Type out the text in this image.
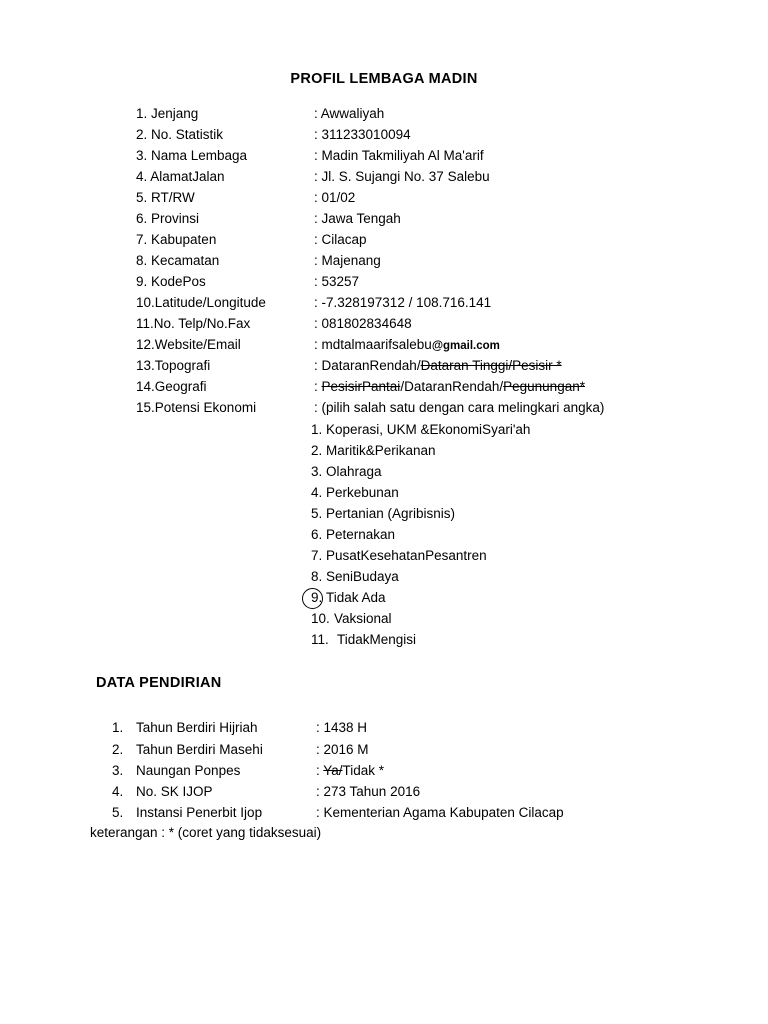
PROFIL LEMBAGA MADIN
1. Jenjang	: Awwaliyah
2. No. Statistik	: 311233010094
3. Nama Lembaga	: Madin Takmiliyah Al Ma'arif
4. AlamatJalan	: Jl. S. Sujangi No. 37 Salebu
5. RT/RW	: 01/02
6. Provinsi	: Jawa Tengah
7. Kabupaten	: Cilacap
8. Kecamatan	: Majenang
9. KodePos	: 53257
10.Latitude/Longitude	: -7.328197312 / 108.716.141
11.No. Telp/No.Fax	: 081802834648
12.Website/Email	: mdtalmaarifsalebu@gmail.com
13.Topografi	: DataranRendah/Dataran Tinggi/Pesisir *
14.Geografi	: PesisirPantai/DataranRendah/Pegunungan*
15.Potensi Ekonomi	: (pilih salah satu dengan cara melingkari angka)
1. Koperasi, UKM &EkonomiSyari'ah
2. Maritik&Perikanan
3. Olahraga
4. Perkebunan
5. Pertanian (Agribisnis)
6. Peternakan
7. PusatKesehatanPesantren
8. SeniBudaya
9. Tidak Ada
10. Vaksional
11. TidakMengisi
DATA PENDIRIAN
1. Tahun Berdiri Hijriah	: 1438 H
2. Tahun Berdiri Masehi	: 2016 M
3. Naungan Ponpes	: Ya/Tidak *
4. No. SK IJOP	: 273 Tahun 2016
5. Instansi Penerbit Ijop	: Kementerian Agama Kabupaten Cilacap
keterangan : * (coret yang tidaksesuai)
